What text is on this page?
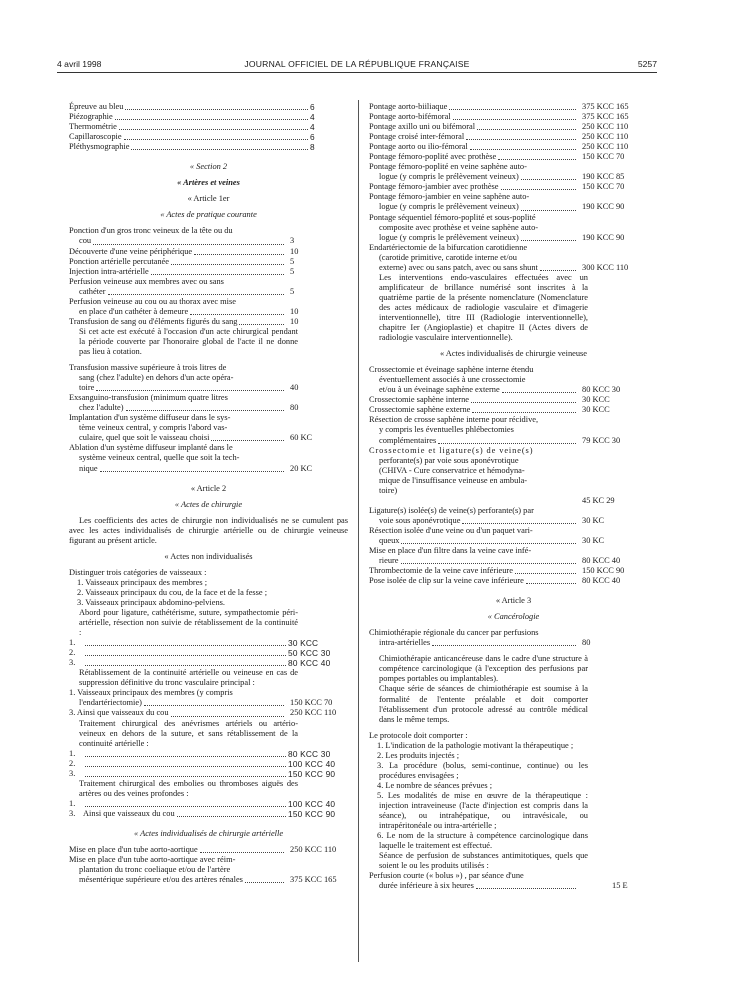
4 avril 1998	JOURNAL OFFICIEL DE LA RÉPUBLIQUE FRANÇAISE	5257
Épreuve au bleu	6
Piézographie	4
Thermométrie	4
Capillaroscopie	6
Pléthysmographie	8
« Section 2
« Artères et veines
« Article 1er
« Actes de pratique courante
Ponction d'un gros tronc veineux de la tête ou du
cou	3
Découverte d'une veine périphérique	10
Ponction artérielle percutanée	5
Injection intra-artérielle	5
Perfusion veineuse aux membres avec ou sans
cathéter	5
Perfusion veineuse au cou ou au thorax avec mise
en place d'un cathéter à demeure	10
Transfusion de sang ou d'éléments figurés du sang	10
Si cet acte est exécuté à l'occasion d'un acte chirurgical pendant la période couverte par l'honoraire global de l'acte il ne donne pas lieu à cotation.
Transfusion massive supérieure à trois litres de
sang (chez l'adulte) en dehors d'un acte opéra-
toire	40
Exsanguino-transfusion (minimum quatre litres
chez l'adulte)	80
Implantation d'un système diffuseur dans le sys-
tème veineux central, y compris l'abord vas-
culaire, quel que soit le vaisseau choisi	60 KC
Ablation d'un système diffuseur implanté dans le
système veineux central, quelle que soit la tech-
nique	20 KC
« Article 2
« Actes de chirurgie
Les coefficients des actes de chirurgie non individualisés ne se cumulent pas avec les actes individualisés de chirurgie artérielle ou de chirurgie veineuse figurant au présent article.
« Actes non individualisés
Distinguer trois catégories de vaisseaux :
1. Vaisseaux principaux des membres ;
2. Vaisseaux principaux du cou, de la face et de la fesse ;
3. Vaisseaux principaux abdomino-pelviens.
Abord pour ligature, cathétérisme, suture, sympathectomie péri-artérielle, résection non suivie de rétablissement de la continuité :
1.	30 KCC
2.	50 KCC 30
3.	80 KCC 40
Rétablissement de la continuité artérielle ou veineuse en cas de suppression définitive du tronc vasculaire principal :
1. Vaisseaux principaux des membres (y compris
l'endartériectomie)	150 KCC 70
3. Ainsi que vaisseaux du cou	250 KCC 110
Traitement chirurgical des anévrismes artériels ou artério-veineux en dehors de la suture, et sans rétablissement de la continuité artérielle :
1.	80 KCC 30
2.	100 KCC 40
3.	150 KCC 90
Traitement chirurgical des embolies ou thromboses aiguës des artères ou des veines profondes :
1.	100 KCC 40
3. Ainsi que vaisseaux du cou	150 KCC 90
« Actes individualisés de chirurgie artérielle
Mise en place d'un tube aorto-aortique	250 KCC 110
Mise en place d'un tube aorto-aortique avec réim-
plantation du tronc coeliaque et/ou de l'artère
mésentérique supérieure et/ou des artères rénales	375 KCC 165
Pontage aorto-biiliaque	375 KCC 165
Pontage aorto-bifémoral	375 KCC 165
Pontage axillo uni ou bifémoral	250 KCC 110
Pontage croisé inter-fémoral	250 KCC 110
Pontage aorto ou ilio-fémoral	250 KCC 110
Pontage fémoro-poplité avec prothèse	150 KCC 70
Pontage fémoro-poplité en veine saphène auto-
logue (y compris le prélèvement veineux)	190 KCC 85
Pontage fémoro-jambier avec prothèse	150 KCC 70
Pontage fémoro-jambier en veine saphène auto-
logue (y compris le prélèvement veineux)	190 KCC 90
Pontage séquentiel fémoro-poplité et sous-poplité
composite avec prothèse et veine saphène auto-
logue (y compris le prélèvement veineux)	190 KCC 90
Endartériectomie de la bifurcation carotidienne
(carotide primitive, carotide interne et/ou
externe) avec ou sans patch, avec ou sans shunt	300 KCC 110
Les interventions endo-vasculaires effectuées avec un amplificateur de brillance numérisé sont inscrites à la quatrième partie de la présente nomenclature (Nomenclature des actes médicaux de radiologie vasculaire et d'imagerie interventionnelle), titre III (Radiologie interventionnelle), chapitre Ier (Angioplastie) et chapitre II (Actes divers de radiologie vasculaire interventionnelle).
« Actes individualisés de chirurgie veineuse
Crossectomie et éveinage saphène interne étendu
éventuellement associés à une crossectomie
et/ou à un éveinage saphène externe	80 KCC 30
Crossectomie saphène interne	30 KCC
Crossectomie saphène externe	30 KCC
Résection de crosse saphène interne pour récidive,
y compris les éventuelles phlébectomies
complémentaires	79 KCC 30
Crossectomie et ligature(s) de veine(s)
perforante(s) par voie sous aponévrotique
(CHIVA - Cure conservatrice et hémodyna-
mique de l'insuffisance veineuse en ambula-
toire)
45 KC 29
Ligature(s) isolée(s) de veine(s) perforante(s) par
voie sous aponévrotique	30 KC
Résection isolée d'une veine ou d'un paquet vari-
queux	30 KC
Mise en place d'un filtre dans la veine cave infé-
rieure	80 KCC 40
Thrombectomie de la veine cave inférieure	150 KCC 90
Pose isolée de clip sur la veine cave inférieure	80 KCC 40
« Article 3
« Cancérologie
Chimiothérapie régionale du cancer par perfusions
intra-artérielles	80
Chimiothérapie anticancéreuse dans le cadre d'une structure à compétence carcinologique (à l'exception des perfusions par pompes portables ou implantables).
Chaque série de séances de chimiothérapie est soumise à la formalité de l'entente préalable et doit comporter l'établissement d'un protocole adressé au contrôle médical dans le même temps.
Le protocole doit comporter :
1. L'indication de la pathologie motivant la thérapeutique ;
2. Les produits injectés ;
3. La procédure (bolus, semi-continue, continue) ou les procédures envisagées ;
4. Le nombre de séances prévues ;
5. Les modalités de mise en œuvre de la thérapeutique : injection intraveineuse (l'acte d'injection est compris dans la séance), ou intrahépatique, ou intravésicale, ou intrapéritonéale ou intra-artérielle ;
6. Le nom de la structure à compétence carcinologique dans laquelle le traitement est effectué.
Séance de perfusion de substances antimitotiques, quels que soient le ou les produits utilisés :
Perfusion courte (« bolus ») , par séance d'une
durée inférieure à six heures	15 E
